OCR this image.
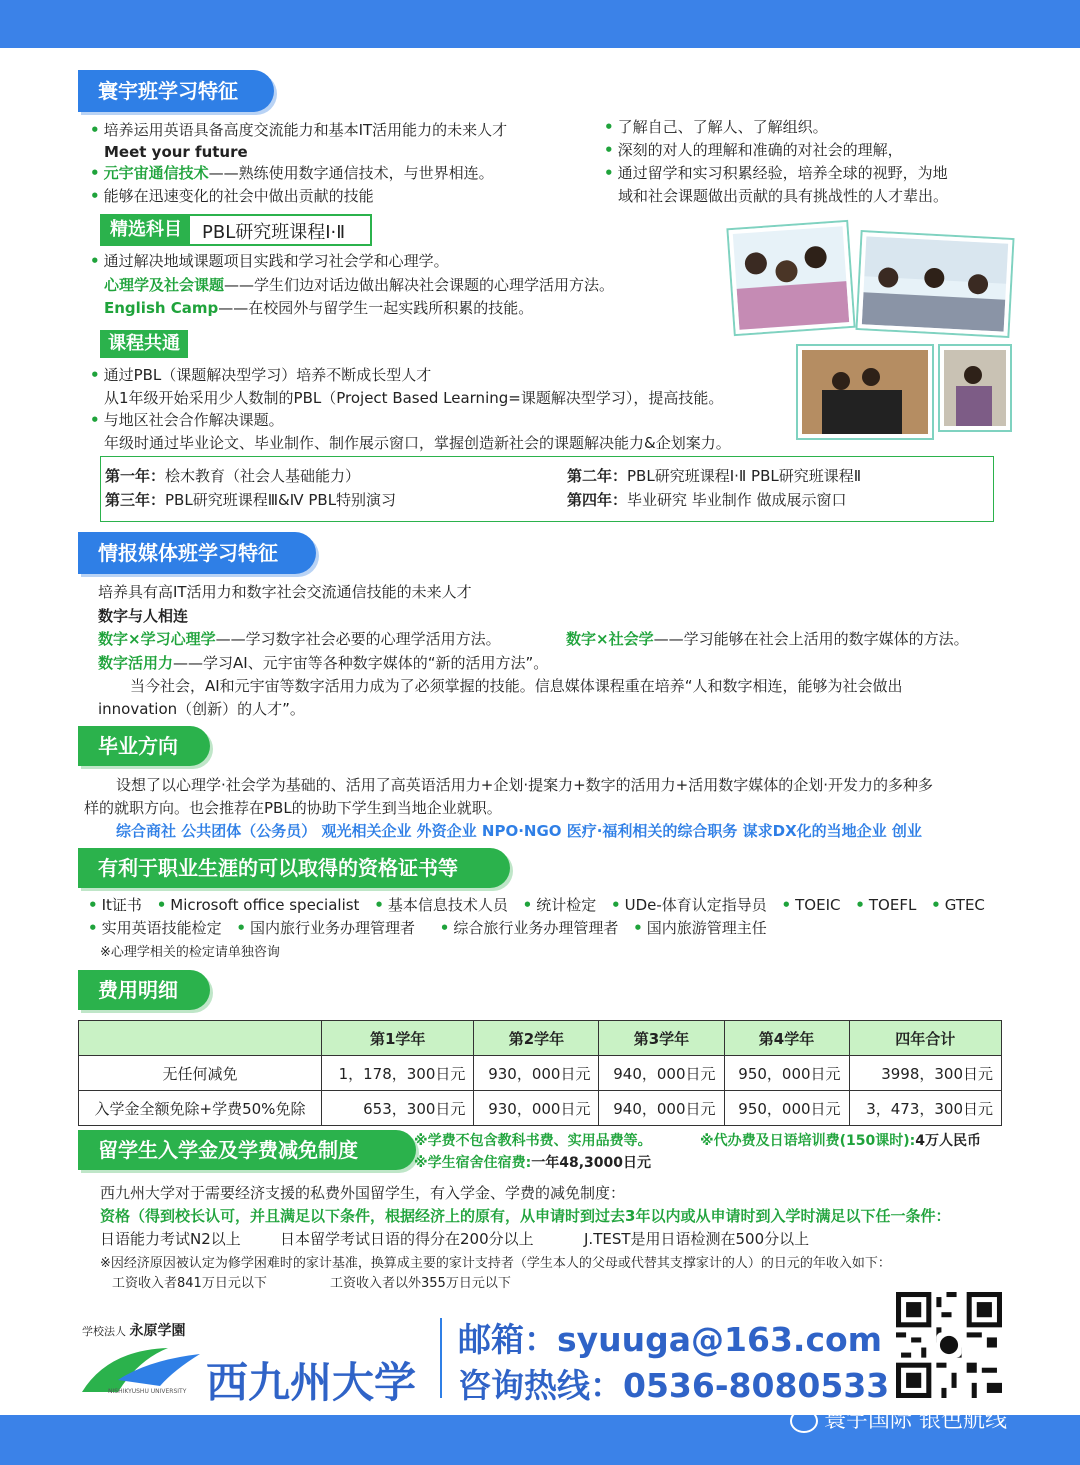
寰宇班学习特征
• 培养运用英语具备高度交流能力和基本IT活用能力的未来人才
Meet your future
• 元宇宙通信技术——熟练使用数字通信技术，与世界相连。
• 能够在迅速变化的社会中做出贡献的技能
• 了解自己、了解人、了解组织。
• 深刻的对人的理解和准确的对社会的理解，
• 通过留学和实习积累经验，培养全球的视野，为地
域和社会课题做出贡献的具有挑战性的人才辈出。
精选科目	PBL研究班课程Ⅰ·Ⅱ
• 通过解决地域课题项目实践和学习社会学和心理学。
心理学及社会课题——学生们边对话边做出解决社会课题的心理学活用方法。
English Camp——在校园外与留学生一起实践所积累的技能。
课程共通
• 通过PBL（课题解决型学习）培养不断成长型人才
从1年级开始采用少人数制的PBL（Project Based Learning=课题解决型学习），提高技能。
• 与地区社会合作解决课题。
年级时通过毕业论文、毕业制作、制作展示窗口，掌握创造新社会的课题解决能力&企划案力。
第一年：桧木教育（社会人基础能力）	第二年：PBL研究班课程Ⅰ·Ⅱ PBL研究班课程Ⅱ
第三年：PBL研究班课程Ⅲ&Ⅳ PBL特别演习	第四年：毕业研究 毕业制作 做成展示窗口
情报媒体班学习特征
培养具有高IT活用力和数字社会交流通信技能的未来人才
数字与人相连
数字×学习心理学——学习数字社会必要的心理学活用方法。	数字×社会学——学习能够在社会上活用的数字媒体的方法。
数字活用力——学习AI、元宇宙等各种数字媒体的“新的活用方法”。
当今社会，AI和元宇宙等数字活用力成为了必须掌握的技能。信息媒体课程重在培养“人和数字相连，能够为社会做出
innovation（创新）的人才”。
毕业方向
设想了以心理学·社会学为基础的、活用了高英语活用力+企划·提案力+数字的活用力+活用数字媒体的企划·开发力的多种多
样的就职方向。也会推荐在PBL的协助下学生到当地企业就职。
综合商社 公共团体（公务员） 观光相关企业 外资企业 NPO·NGO 医疗·福利相关的综合职务 谋求DX化的当地企业 创业
有利于职业生涯的可以取得的资格证书等
• It证书 • Microsoft office specialist • 基本信息技术人员 • 统计检定 • UDe-体育认定指导员 • TOEIC • TOEFL • GTEC
• 实用英语技能检定 • 国内旅行业务办理管理者 • 综合旅行业务办理管理者 • 国内旅游管理主任
※心理学相关的检定请单独咨询
费用明细
	第1学年	第2学年	第3学年	第4学年	四年合计
无任何减免	1，178，300日元	930，000日元	940，000日元	950，000日元	3998，300日元
入学金全额免除+学费50%免除	653，300日元	930，000日元	940，000日元	950，000日元	3，473，300日元
留学生入学金及学费减免制度	※学费不包含教科书费、实用品费等。	※代办费及日语培训费(150课时):4万人民币
※学生宿舍住宿费:一年48,3000日元
西九州大学对于需要经济支援的私费外国留学生，有入学金、学费的减免制度：
资格（得到校长认可，并且满足以下条件，根据经济上的原有，从申请时到过去3年以内或从申请时到入学时满足以下任一条件：
日语能力考试N2以上	日本留学考试日语的得分在200分以上	J.TEST是用日语检测在500分以上
※因经济原因被认定为修学困难时的家计基准，换算成主要的家计支持者（学生本人的父母或代替其支撑家计的人）的日元的年收入如下：
工资收入者841万日元以下	工资收入者以外355万日元以下
学校法人 永原学園
NISHIKYUSHU UNIVERSITY 西九州大学
邮箱：syuuga@163.com
咨询热线：0536-8080533
寰宇国际 银色航线
